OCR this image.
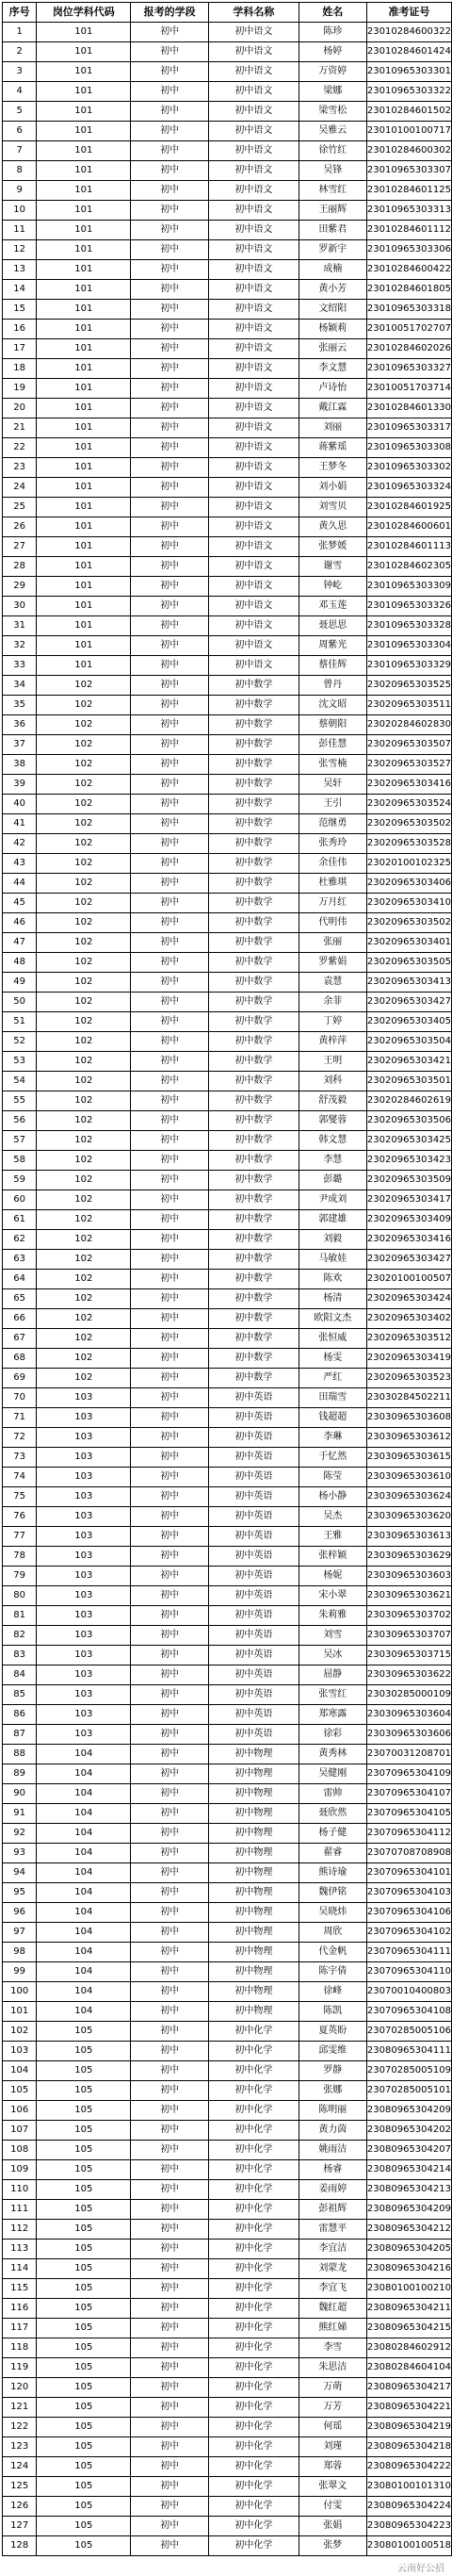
序号	岗位学科代码	报考的学段	学科名称	姓名	准考证号
1	101	初中	初中语文	陈珍	23010284600322
2	101	初中	初中语文	杨婷	23010284601424
3	101	初中	初中语文	万资婷	23010965303301
4	101	初中	初中语文	梁娜	23010965303322
5	101	初中	初中语文	梁雪松	23010284601502
6	101	初中	初中语文	吴雅云	23010100100717
7	101	初中	初中语文	徐竹红	23010284600302
8	101	初中	初中语文	吴锋	23010965303307
9	101	初中	初中语文	林雪红	23010284601125
10	101	初中	初中语文	王丽辉	23010965303313
11	101	初中	初中语文	田紫君	23010284601112
12	101	初中	初中语文	罗新宇	23010965303306
13	101	初中	初中语文	成楠	23010284600422
14	101	初中	初中语文	黄小芳	23010284601805
15	101	初中	初中语文	文绍阳	23010965303318
16	101	初中	初中语文	杨颖莉	23010051702707
17	101	初中	初中语文	张丽云	23010284602026
18	101	初中	初中语文	李文慧	23010965303327
19	101	初中	初中语文	卢诗怡	23010051703714
20	101	初中	初中语文	戴江霖	23010284601330
21	101	初中	初中语文	刘丽	23010965303317
22	101	初中	初中语文	蒋紫瑶	23010965303308
23	101	初中	初中语文	王梦冬	23010965303302
24	101	初中	初中语文	刘小娟	23010965303324
25	101	初中	初中语文	刘雪贝	23010284601925
26	101	初中	初中语文	黄久思	23010284600601
27	101	初中	初中语文	张梦媛	23010284601113
28	101	初中	初中语文	谢雪	23010284602305
29	101	初中	初中语文	钟屹	23010965303309
30	101	初中	初中语文	邓玉莲	23010965303326
31	101	初中	初中语文	聂思思	23010965303328
32	101	初中	初中语文	周紫光	23010965303304
33	101	初中	初中语文	蔡佳辉	23010965303329
34	102	初中	初中数学	曾丹	23020965303525
35	102	初中	初中数学	沈文昭	23020965303511
36	102	初中	初中数学	蔡朝阳	23020284602830
37	102	初中	初中数学	彭佳慧	23020965303507
38	102	初中	初中数学	张雪楠	23020965303527
39	102	初中	初中数学	吴轩	23020965303416
40	102	初中	初中数学	王引	23020965303524
41	102	初中	初中数学	范继勇	23020965303502
42	102	初中	初中数学	张秀玲	23020965303528
43	102	初中	初中数学	余佳伟	23020100102325
44	102	初中	初中数学	杜雅琪	23020965303406
45	102	初中	初中数学	万月红	23020965303410
46	102	初中	初中数学	代明伟	23020965303502
47	102	初中	初中数学	张丽	23020965303401
48	102	初中	初中数学	罗紫娟	23020965303505
49	102	初中	初中数学	袁慧	23020965303413
50	102	初中	初中数学	余菲	23020965303427
51	102	初中	初中数学	丁婷	23020965303405
52	102	初中	初中数学	黄梓萍	23020965303504
53	102	初中	初中数学	王明	23020965303421
54	102	初中	初中数学	刘科	23020965303501
55	102	初中	初中数学	舒茂毅	23020284602619
56	102	初中	初中数学	郭燮蓉	23020965303506
57	102	初中	初中数学	韩文慧	23020965303425
58	102	初中	初中数学	李慧	23020965303423
59	102	初中	初中数学	彭璐	23020965303509
60	102	初中	初中数学	尹成刘	23020965303417
61	102	初中	初中数学	郭建雄	23020965303409
62	102	初中	初中数学	刘毅	23020965303416
63	102	初中	初中数学	马敏娃	23020965303427
64	102	初中	初中数学	陈欢	23020100100507
65	102	初中	初中数学	杨清	23020965303424
66	102	初中	初中数学	欧阳文杰	23020965303402
67	102	初中	初中数学	张恒威	23020965303512
68	102	初中	初中数学	杨雯	23020965303419
69	102	初中	初中数学	严红	23020965303523
70	103	初中	初中英语	田瑞雪	23030284502211
71	103	初中	初中英语	钱超超	23030965303608
72	103	初中	初中英语	李琳	23030965303612
73	103	初中	初中英语	于忆然	23030965303615
74	103	初中	初中英语	陈莹	23030965303610
75	103	初中	初中英语	杨小静	23030965303624
76	103	初中	初中英语	吴杰	23030965303620
77	103	初中	初中英语	王雅	23030965303613
78	103	初中	初中英语	张梓颖	23030965303629
79	103	初中	初中英语	杨妮	23030965303603
80	103	初中	初中英语	宋小翠	23030965303621
81	103	初中	初中英语	朱莉雅	23030965303702
82	103	初中	初中英语	刘雪	23030965303707
83	103	初中	初中英语	吴冰	23030965303715
84	103	初中	初中英语	屈静	23030965303622
85	103	初中	初中英语	张雪红	23030285000109
86	103	初中	初中英语	郑寒露	23030965303604
87	103	初中	初中英语	徐彩	23030965303606
88	104	初中	初中物理	黄秀林	23070031208701
89	104	初中	初中物理	吴健刚	23070965304109
90	104	初中	初中物理	雷帅	23070965304107
91	104	初中	初中物理	聂欣然	23070965304105
92	104	初中	初中物理	杨子健	23070965304112
93	104	初中	初中物理	翟睿	23070708708908
94	104	初中	初中物理	熊诗瑜	23070965304101
95	104	初中	初中物理	魏伊铭	23070965304103
96	104	初中	初中物理	吴晓炜	23070965304106
97	104	初中	初中物理	周欣	23070965304102
98	104	初中	初中物理	代金帆	23070965304111
99	104	初中	初中物理	陈宇倩	23070965304110
100	104	初中	初中物理	徐峰	23070010400803
101	104	初中	初中物理	陈凯	23070965304108
102	105	初中	初中化学	夏英盼	23070285005106
103	105	初中	初中化学	邱雯维	23080965304111
104	105	初中	初中化学	罗静	23070285005109
105	105	初中	初中化学	张娜	23070285005101
106	105	初中	初中化学	陈明丽	23080965304209
107	105	初中	初中化学	黄力茵	23080965304202
108	105	初中	初中化学	姚雨洁	23080965304207
109	105	初中	初中化学	杨睿	23080965304214
110	105	初中	初中化学	姜雨婷	23080965304213
111	105	初中	初中化学	彭祖辉	23080965304209
112	105	初中	初中化学	雷慧平	23080965304212
113	105	初中	初中化学	李宜洁	23080965304205
114	105	初中	初中化学	刘蒙龙	23080965304216
115	105	初中	初中化学	李宜飞	23080100100210
116	105	初中	初中化学	魏红超	23080965304211
117	105	初中	初中化学	熊红娣	23080965304215
118	105	初中	初中化学	李雪	23080284602912
119	105	初中	初中化学	朱思洁	23080284604104
120	105	初中	初中化学	万萌	23080965304217
121	105	初中	初中化学	万芳	23080965304221
122	105	初中	初中化学	何瑶	23080965304219
123	105	初中	初中化学	刘瑾	23080965304218
124	105	初中	初中化学	郑蓉	23080965304222
125	105	初中	初中化学	张翠文	23080100101310
126	105	初中	初中化学	付雯	23080965304224
127	105	初中	初中化学	张娟	23080965304223
128	105	初中	初中化学	张梦	23080100100518
云南好公招
